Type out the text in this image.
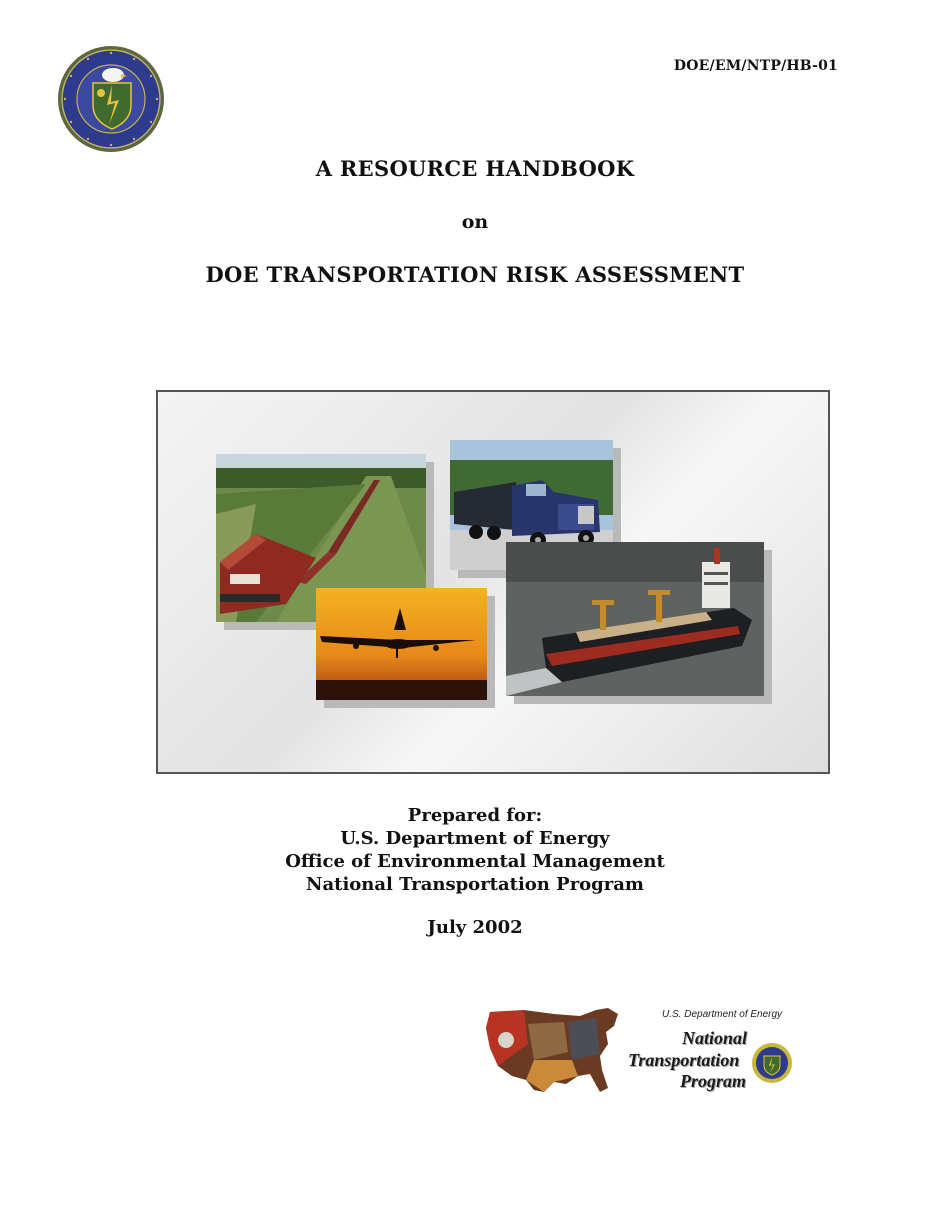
DOE/EM/NTP/HB-01
A RESOURCE HANDBOOK
on
DOE TRANSPORTATION RISK ASSESSMENT
Prepared for:
U.S. Department of Energy
Office of Environmental Management
National Transportation Program
July 2002
U.S. Department of Energy
National
Transportation
Program
